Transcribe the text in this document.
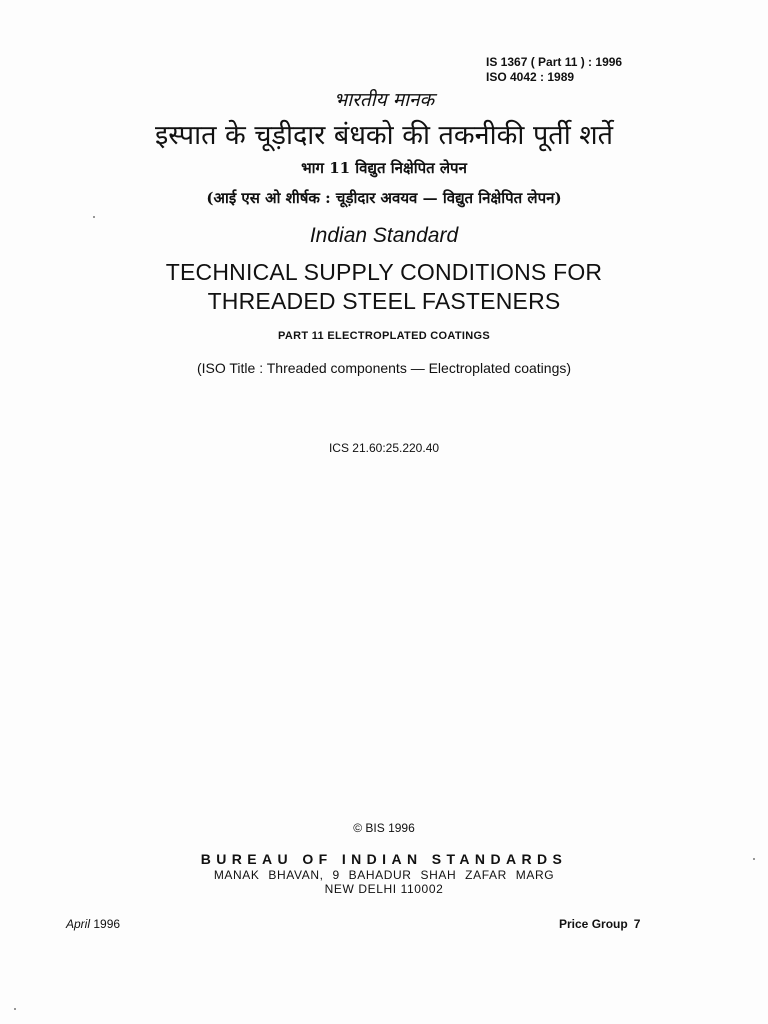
IS 1367 ( Part 11 ) : 1996
ISO 4042 : 1989
भारतीय मानक
इस्पात के चूड़ीदार बंधको की तकनीकी पूर्ती शर्ते
भाग 11 विद्युत निक्षेपित लेपन
(आई एस ओ शीर्षक : चूड़ीदार अवयव — विद्युत निक्षेपित लेपन)
Indian Standard
TECHNICAL SUPPLY CONDITIONS FOR
THREADED STEEL FASTENERS
PART 11 ELECTROPLATED COATINGS
(ISO Title : Threaded components — Electroplated coatings)
ICS 21.60:25.220.40
© BIS 1996
BUREAU OF INDIAN STANDARDS
MANAK BHAVAN, 9 BAHADUR SHAH ZAFAR MARG
NEW DELHI 110002
April 1996	Price Group 7
